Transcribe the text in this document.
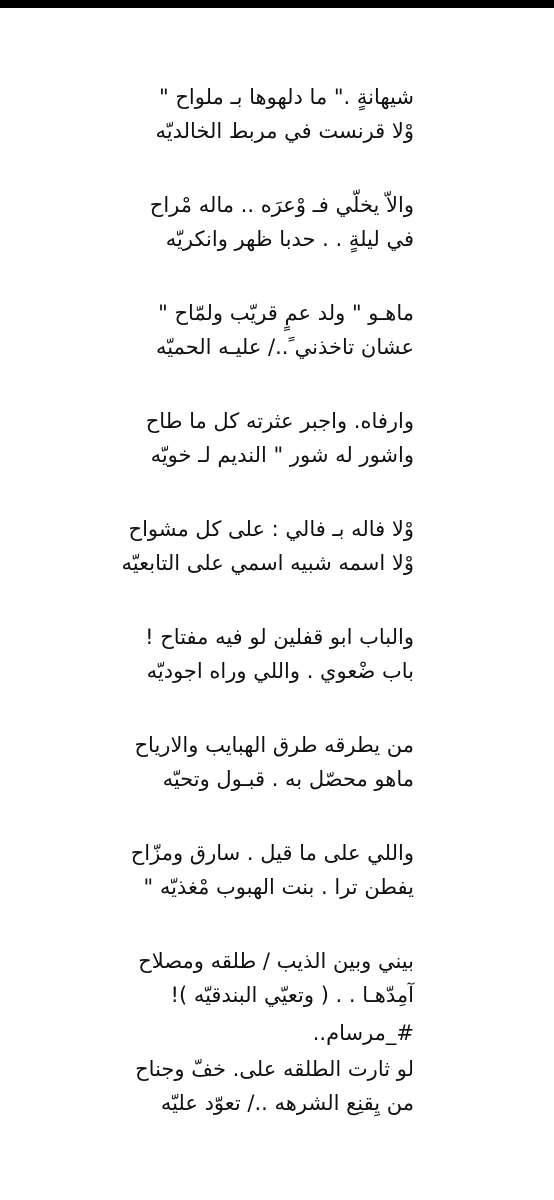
شيهانةٍ ." ما دلهوها بـ ملواح "
وْلا قرنست في مربط الخالديّه
والاّ يخلّي فـ وْعرَه .. ماله مْراح
في ليلةٍ . . حدبا ظهر وانكريّه
ماهـو " ولد عمٍ قريّب ولمّاح "
عشان تاخذني ً../ عليـه الحميّه
وارفاه. واجبر عثرته كل ما طاح
واشور له شور " النديم لـ خويّه
وْلا فاله بـ فالي : على كل مشواح
وْلا اسمه شبيه اسمي على التابعيّه
والباب ابو قفلين لو فيه مفتاح !
باب ضْعوي . واللي وراه اجوديّه
من يطرقه طرق الهبايب والارياح
ماهو محصّل به . قبـول وتحيّه
واللي على ما قيل . سارق ومزّاح
يفطن ترا . بنت الهبوب مْغذيّه "
بيني وبين الذيب / طلقه ومصلاح
آمِدّهـا . . ( وتعيّي البندقيّه )!
لو ثارت الطلقه على. خفّ وجناح
من يِقنِع الشرهه ../ تعوّد عليّه
#_مرسام..
